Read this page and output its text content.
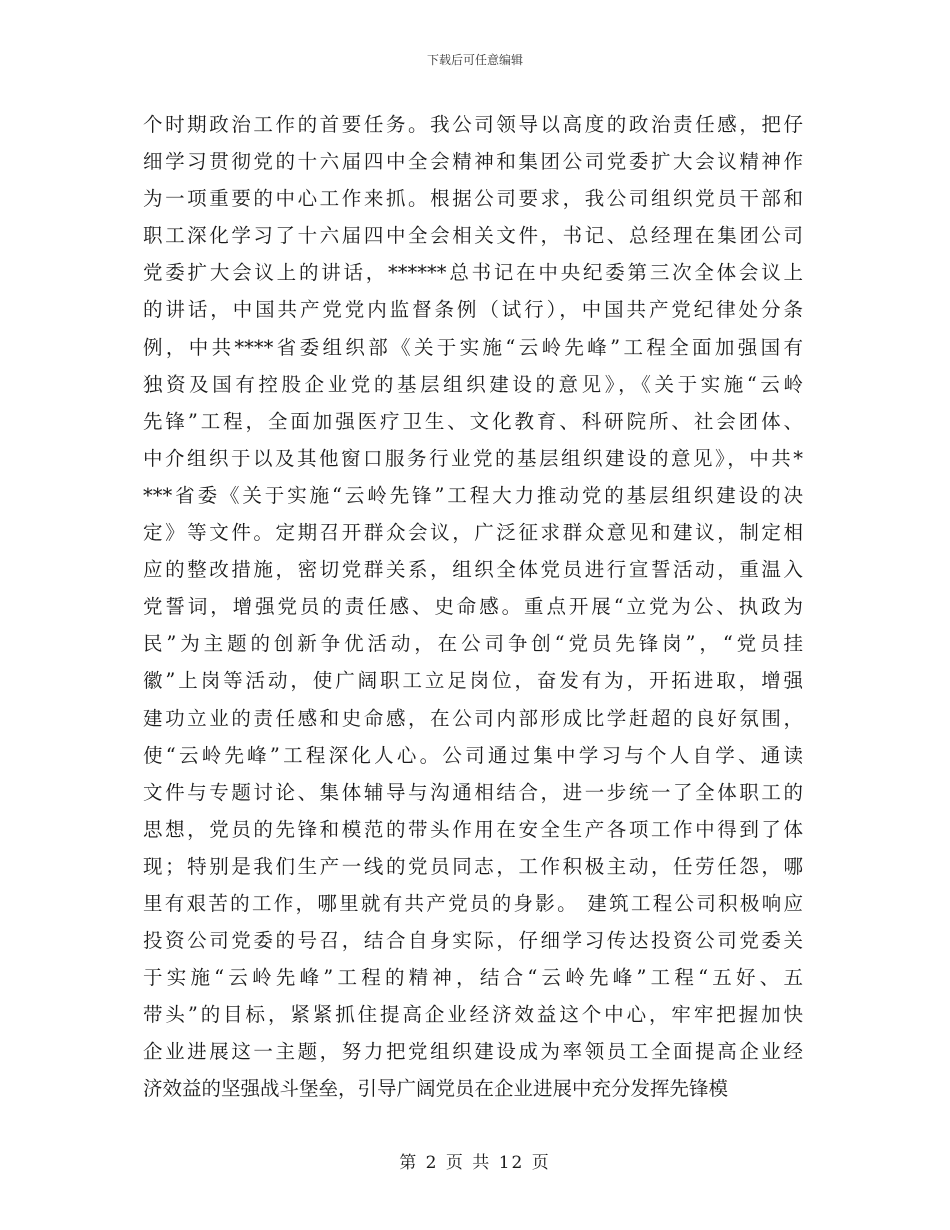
下载后可任意编辑
个时期政治工作的首要任务。我公司领导以高度的政治责任感，把仔
细学习贯彻党的十六届四中全会精神和集团公司党委扩大会议精神作
为一项重要的中心工作来抓。根据公司要求，我公司组织党员干部和
职工深化学习了十六届四中全会相关文件，书记、总经理在集团公司
党委扩大会议上的讲话，******总书记在中央纪委第三次全体会议上
的讲话，中国共产党党内监督条例（试行），中国共产党纪律处分条
例，中共****省委组织部《关于实施“云岭先峰”工程全面加强国有
独资及国有控股企业党的基层组织建设的意见》，《关于实施“云岭
先锋”工程，全面加强医疗卫生、文化教育、科研院所、社会团体、
中介组织于以及其他窗口服务行业党的基层组织建设的意见》，中共*
***省委《关于实施“云岭先锋”工程大力推动党的基层组织建设的决
定》等文件。定期召开群众会议，广泛征求群众意见和建议，制定相
应的整改措施，密切党群关系，组织全体党员进行宣誓活动，重温入
党誓词，增强党员的责任感、史命感。重点开展“立党为公、执政为
民”为主题的创新争优活动，在公司争创“党员先锋岗”，“党员挂
徽”上岗等活动，使广阔职工立足岗位，奋发有为，开拓进取，增强
建功立业的责任感和史命感，在公司内部形成比学赶超的良好氛围，
使“云岭先峰”工程深化人心。公司通过集中学习与个人自学、通读
文件与专题讨论、集体辅导与沟通相结合，进一步统一了全体职工的
思想，党员的先锋和模范的带头作用在安全生产各项工作中得到了体
现；特别是我们生产一线的党员同志，工作积极主动，任劳任怨，哪
里有艰苦的工作，哪里就有共产党员的身影。 建筑工程公司积极响应
投资公司党委的号召，结合自身实际，仔细学习传达投资公司党委关
于实施“云岭先峰”工程的精神，结合“云岭先峰”工程“五好、五
带头”的目标，紧紧抓住提高企业经济效益这个中心，牢牢把握加快
企业进展这一主题，努力把党组织建设成为率领员工全面提高企业经
济效益的坚强战斗堡垒，引导广阔党员在企业进展中充分发挥先锋模
第 2 页 共 12 页
